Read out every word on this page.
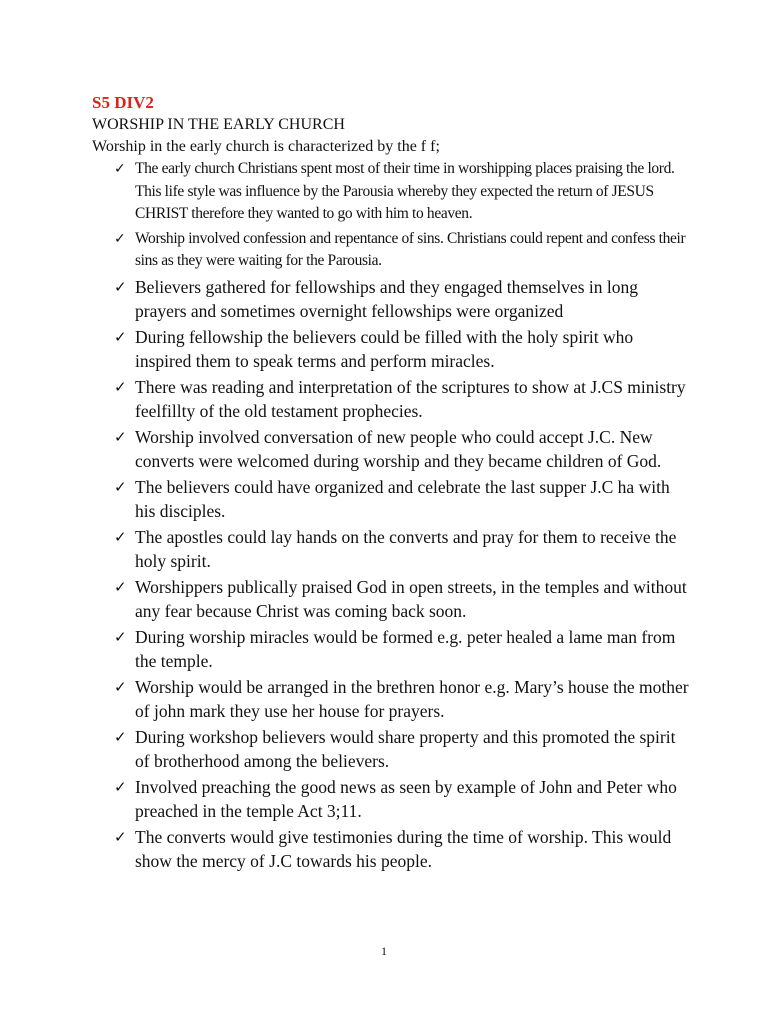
S5 DIV2

WORSHIP IN THE EARLY CHURCH

Worship in the early church is characterized by the f f;

✓ The early church Christians spent most of their time in worshipping places praising the lord. This life style was influence by the Parousia whereby they expected the return of JESUS CHRIST therefore they wanted to go with him to heaven.
✓ Worship involved confession and repentance of sins. Christians could repent and confess their sins as they were waiting for the Parousia.
✓ Believers gathered for fellowships and they engaged themselves in long prayers and sometimes overnight fellowships were organized
✓ During fellowship the believers could be filled with the holy spirit who inspired them to speak terms and perform miracles.
✓ There was reading and interpretation of the scriptures to show at J.CS ministry feelfillty of the old testament prophecies.
✓ Worship involved conversation of new people who could accept J.C. New converts were welcomed during worship and they became children of God.
✓ The believers could have organized and celebrate the last supper J.C ha with his disciples.
✓ The apostles could lay hands on the converts and pray for them to receive the holy spirit.
✓ Worshippers publically praised God in open streets, in the temples and without any fear because Christ was coming back soon.
✓ During worship miracles would be formed e.g. peter healed a lame man from the temple.
✓ Worship would be arranged in the brethren honor e.g. Mary’s house the mother of john mark they use her house for prayers.
✓ During workshop believers would share property and this promoted the spirit of brotherhood among the believers.
✓ Involved preaching the good news as seen by example of John and Peter who preached in the temple Act 3;11.
✓ The converts would give testimonies during the time of worship. This would show the mercy of J.C towards his people.
1
